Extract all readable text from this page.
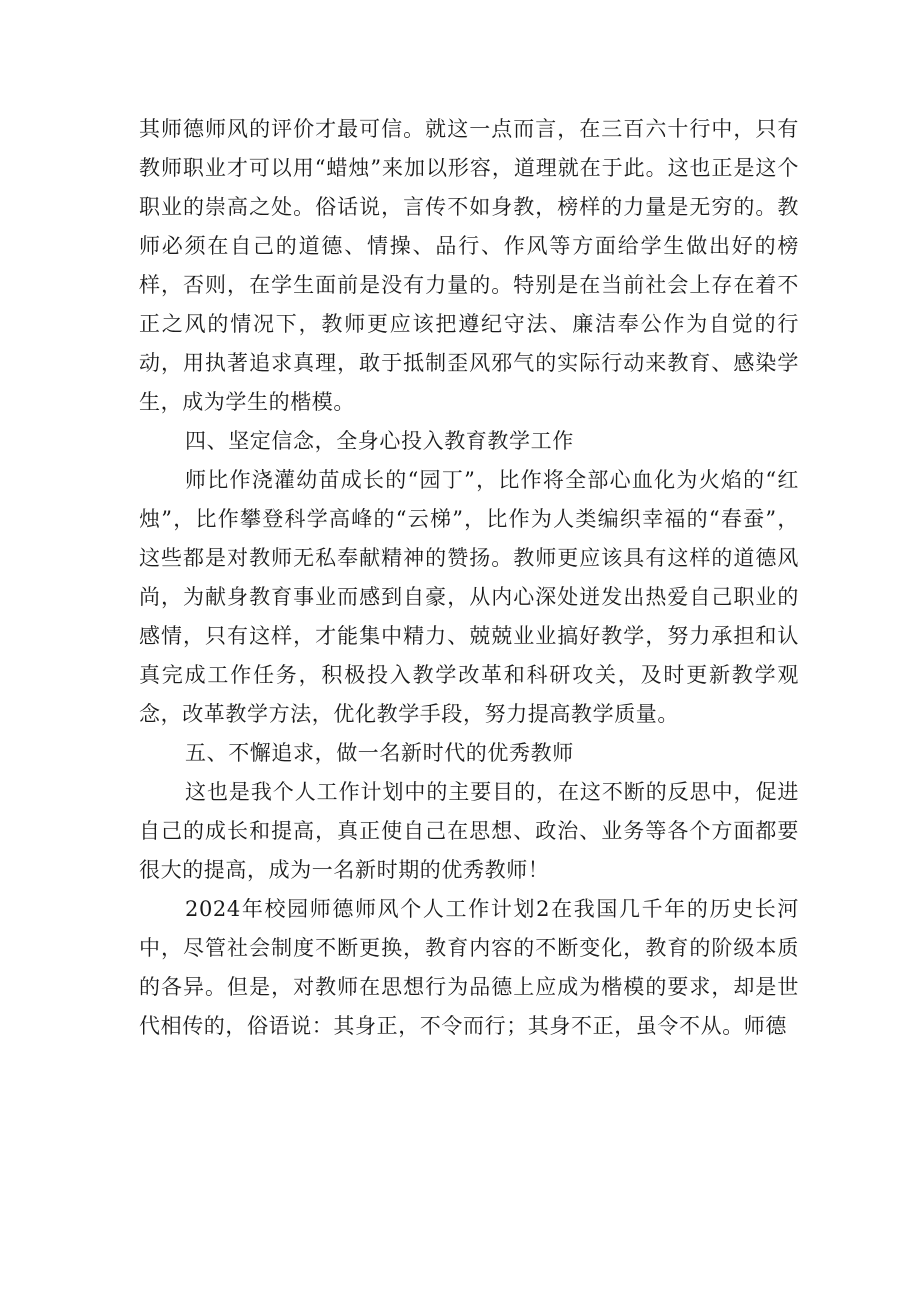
其师德师风的评价才最可信。就这一点而言，在三百六十行中，只有教师职业才可以用“蜡烛”来加以形容，道理就在于此。这也正是这个职业的崇高之处。俗话说，言传不如身教，榜样的力量是无穷的。教师必须在自己的道德、情操、品行、作风等方面给学生做出好的榜样，否则，在学生面前是没有力量的。特别是在当前社会上存在着不正之风的情况下，教师更应该把遵纪守法、廉洁奉公作为自觉的行动，用执著追求真理，敢于抵制歪风邪气的实际行动来教育、感染学生，成为学生的楷模。

四、坚定信念，全身心投入教育教学工作

师比作浇灌幼苗成长的“园丁”，比作将全部心血化为火焰的“红烛”，比作攀登科学高峰的“云梯”，比作为人类编织幸福的“春蚕”，这些都是对教师无私奉献精神的赞扬。教师更应该具有这样的道德风尚，为献身教育事业而感到自豪，从内心深处迸发出热爱自己职业的感情，只有这样，才能集中精力、兢兢业业搞好教学，努力承担和认真完成工作任务，积极投入教学改革和科研攻关，及时更新教学观念，改革教学方法，优化教学手段，努力提高教学质量。

五、不懈追求，做一名新时代的优秀教师

这也是我个人工作计划中的主要目的，在这不断的反思中，促进自己的成长和提高，真正使自己在思想、政治、业务等各个方面都要很大的提高，成为一名新时期的优秀教师！

2024年校园师德师风个人工作计划2在我国几千年的历史长河中，尽管社会制度不断更换，教育内容的不断变化，教育的阶级本质的各异。但是，对教师在思想行为品德上应成为楷模的要求，却是世代相传的，俗语说：其身正，不令而行；其身不正，虽令不从。师德
